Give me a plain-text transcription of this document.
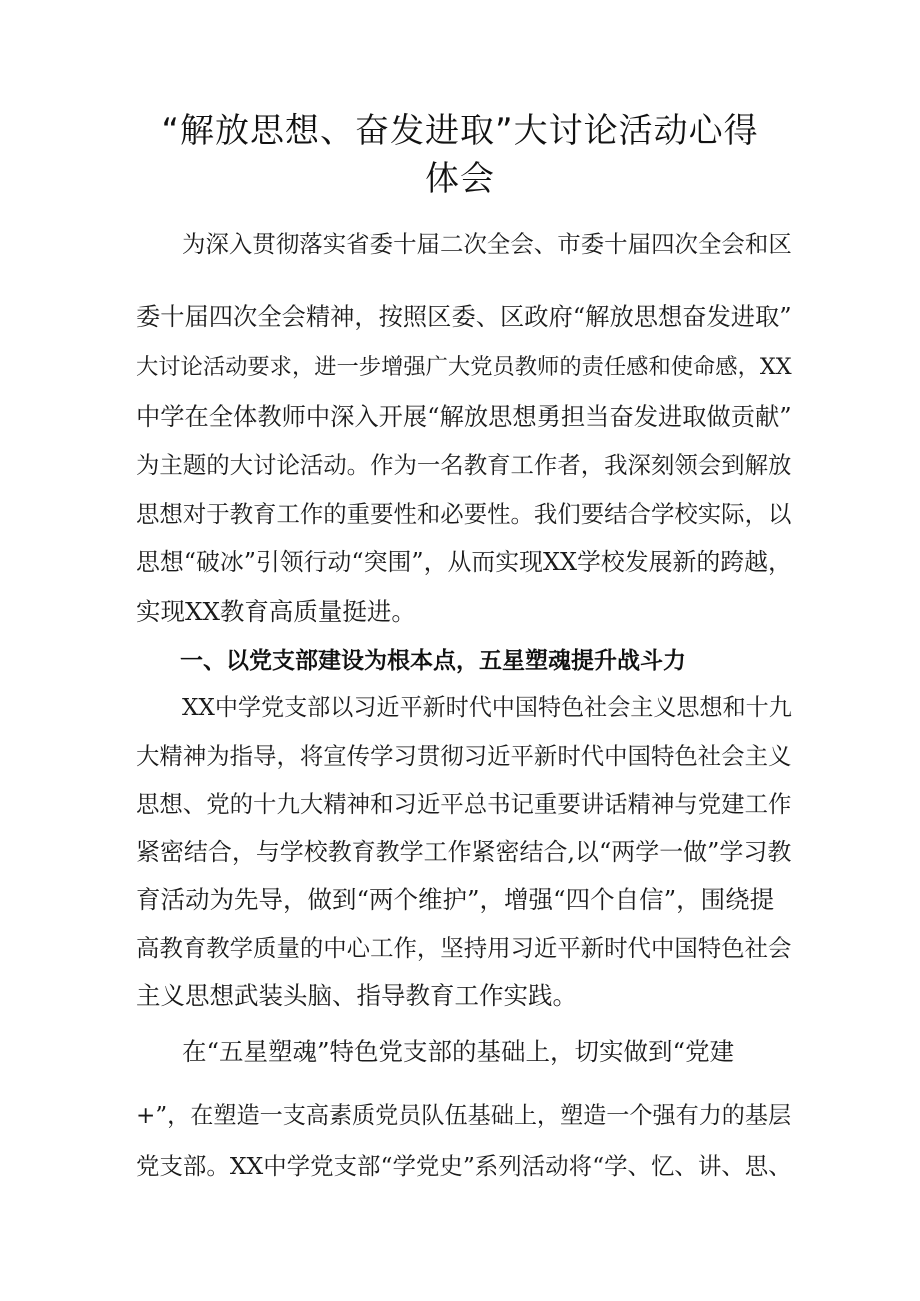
“解放思想、奋发进取”大讨论活动心得
体会
为深入贯彻落实省委十届二次全会、市委十届四次全会和区
委十届四次全会精神，按照区委、区政府“解放思想奋发进取”
大讨论活动要求，进一步增强广大党员教师的责任感和使命感，XX
中学在全体教师中深入开展“解放思想勇担当奋发进取做贡献”
为主题的大讨论活动。作为一名教育工作者，我深刻领会到解放
思想对于教育工作的重要性和必要性。我们要结合学校实际，以
思想“破冰”引领行动“突围”，从而实现XX学校发展新的跨越，
实现XX教育高质量挺进。
一、以党支部建设为根本点，五星塑魂提升战斗力
XX中学党支部以习近平新时代中国特色社会主义思想和十九
大精神为指导，将宣传学习贯彻习近平新时代中国特色社会主义
思想、党的十九大精神和习近平总书记重要讲话精神与党建工作
紧密结合，与学校教育教学工作紧密结合,以“两学一做”学习教
育活动为先导，做到“两个维护”，增强“四个自信”，围绕提
高教育教学质量的中心工作，坚持用习近平新时代中国特色社会
主义思想武装头脑、指导教育工作实践。
在“五星塑魂”特色党支部的基础上，切实做到“党建
+”，在塑造一支高素质党员队伍基础上，塑造一个强有力的基层
党支部。XX中学党支部“学党史”系列活动将“学、忆、讲、思、
